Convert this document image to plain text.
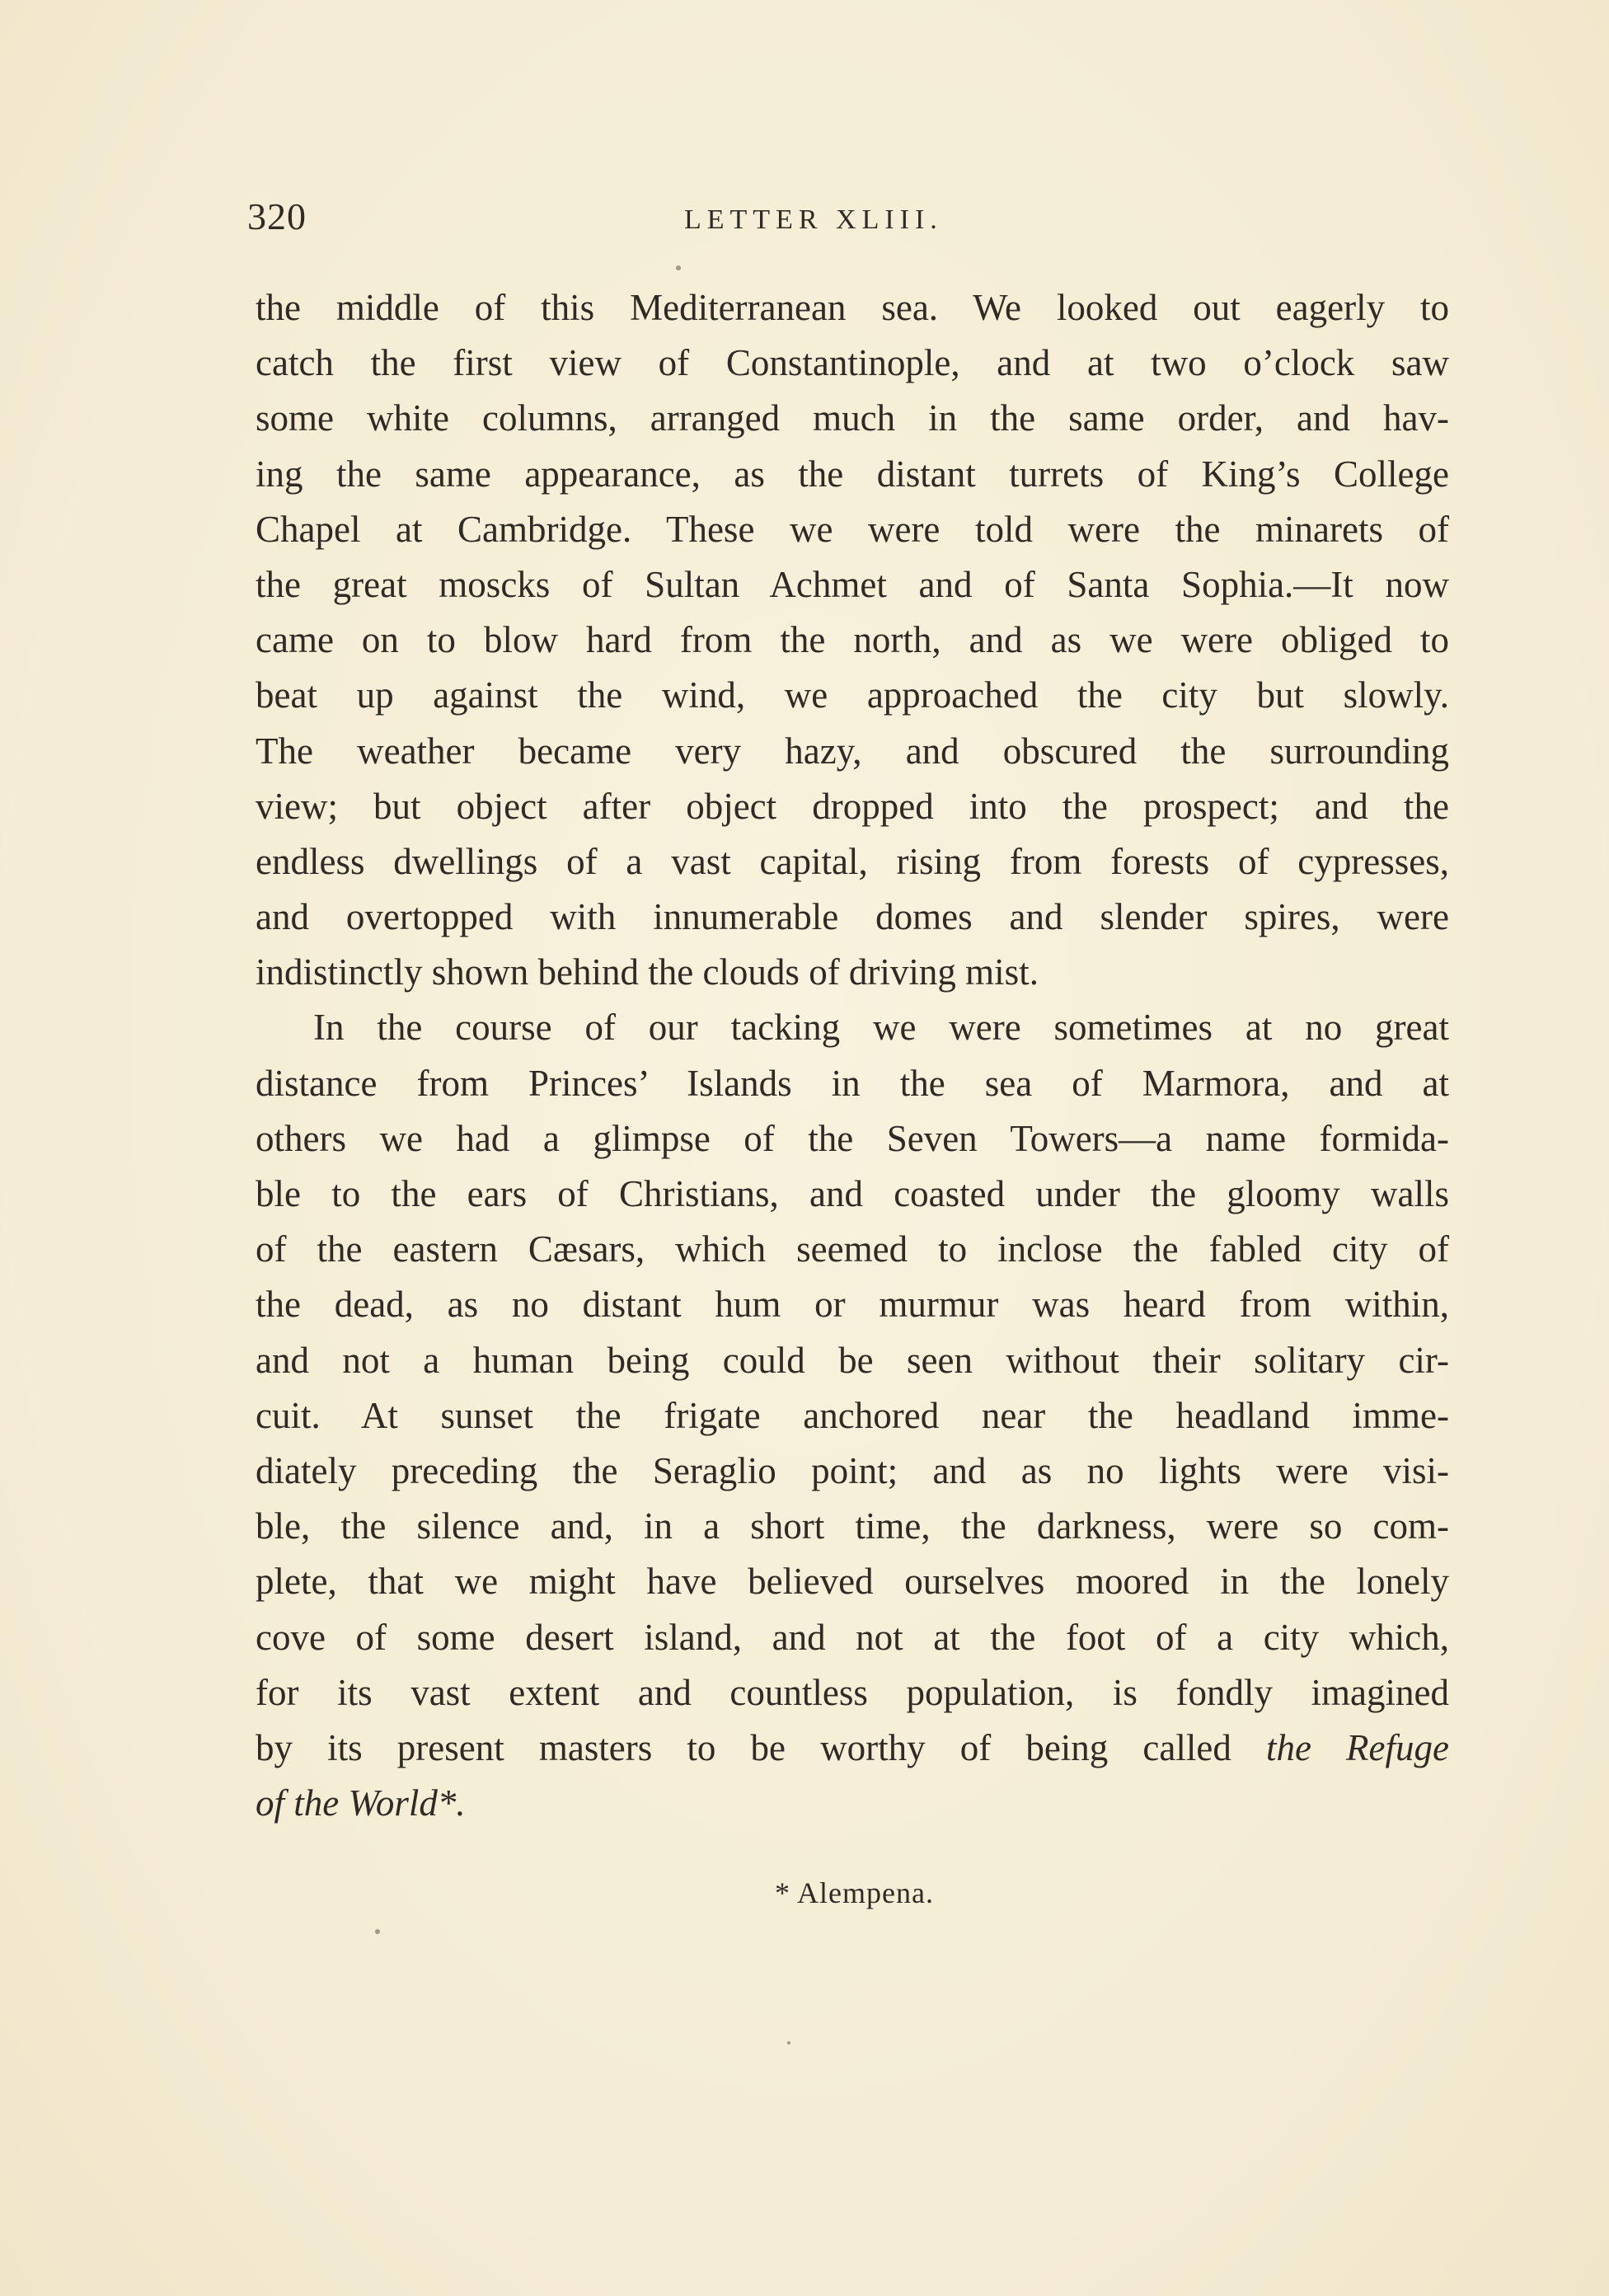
320	LETTER XLIII.
the middle of this Mediterranean sea. We looked out eagerly to
catch the first view of Constantinople, and at two o’clock saw
some white columns, arranged much in the same order, and hav-
ing the same appearance, as the distant turrets of King’s College
Chapel at Cambridge. These we were told were the minarets of
the great moscks of Sultan Achmet and of Santa Sophia.—It now
came on to blow hard from the north, and as we were obliged to
beat up against the wind, we approached the city but slowly.
The weather became very hazy, and obscured the surrounding
view; but object after object dropped into the prospect; and the
endless dwellings of a vast capital, rising from forests of cypresses,
and overtopped with innumerable domes and slender spires, were
indistinctly shown behind the clouds of driving mist.
In the course of our tacking we were sometimes at no great
distance from Princes’ Islands in the sea of Marmora, and at
others we had a glimpse of the Seven Towers—a name formida-
ble to the ears of Christians, and coasted under the gloomy walls
of the eastern Cæsars, which seemed to inclose the fabled city of
the dead, as no distant hum or murmur was heard from within,
and not a human being could be seen without their solitary cir-
cuit. At sunset the frigate anchored near the headland imme-
diately preceding the Seraglio point; and as no lights were visi-
ble, the silence and, in a short time, the darkness, were so com-
plete, that we might have believed ourselves moored in the lonely
cove of some desert island, and not at the foot of a city which,
for its vast extent and countless population, is fondly imagined
by its present masters to be worthy of being called the Refuge
of the World*.
* Alempena.
